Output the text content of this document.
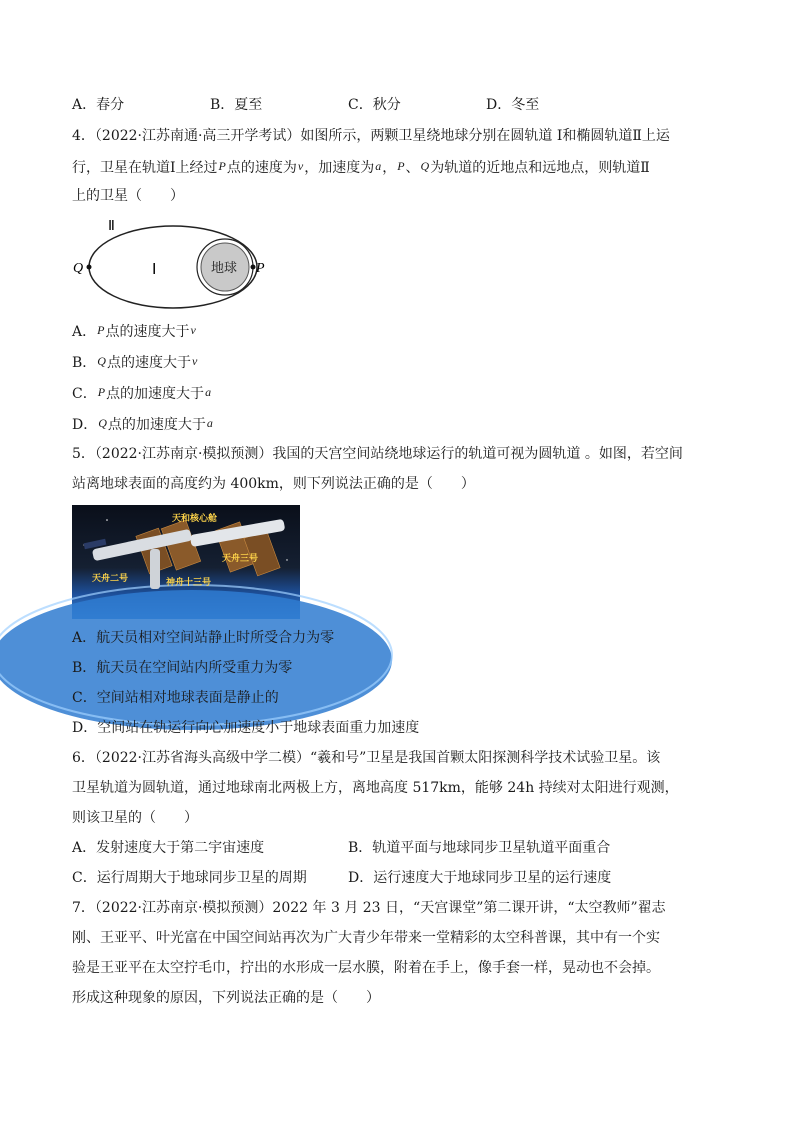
A．春分	B．夏至	C．秋分	D．冬至
4．（2022·江苏南通·高三开学考试）如图所示，两颗卫星绕地球分别在圆轨道 Ⅰ和椭圆轨道Ⅱ上运
行，卫星在轨道Ⅰ上经过P点的速度为v，加速度为a，P、Q为轨道的近地点和远地点，则轨道Ⅱ
上的卫星（　　）
Ⅱ
Ⅰ	地球
Q	P
A．P点的速度大于v
B．Q点的速度大于v
C．P点的加速度大于a
D．Q点的加速度大于a
5．（2022·江苏南京·模拟预测）我国的天宫空间站绕地球运行的轨道可视为圆轨道 。如图，若空间
站离地球表面的高度约为 400km，则下列说法正确的是（　　）
天和核心舱
天舟三号
天舟二号	神舟十三号
A．航天员相对空间站静止时所受合力为零
B．航天员在空间站内所受重力为零
C．空间站相对地球表面是静止的
D．空间站在轨运行向心加速度小于地球表面重力加速度
6．（2022·江苏省海头高级中学二模）“羲和号”卫星是我国首颗太阳探测科学技术试验卫星。该
卫星轨道为圆轨道，通过地球南北两极上方，离地高度 517km，能够 24h 持续对太阳进行观测，
则该卫星的（　　）
A．发射速度大于第二宇宙速度	B．轨道平面与地球同步卫星轨道平面重合
C．运行周期大于地球同步卫星的周期	D．运行速度大于地球同步卫星的运行速度
7．（2022·江苏南京·模拟预测）2022 年 3 月 23 日，“天宫课堂”第二课开讲，“太空教师”翟志
刚、王亚平、叶光富在中国空间站再次为广大青少年带来一堂精彩的太空科普课，其中有一个实
验是王亚平在太空拧毛巾，拧出的水形成一层水膜，附着在手上，像手套一样，晃动也不会掉。
形成这种现象的原因，下列说法正确的是（　　）
